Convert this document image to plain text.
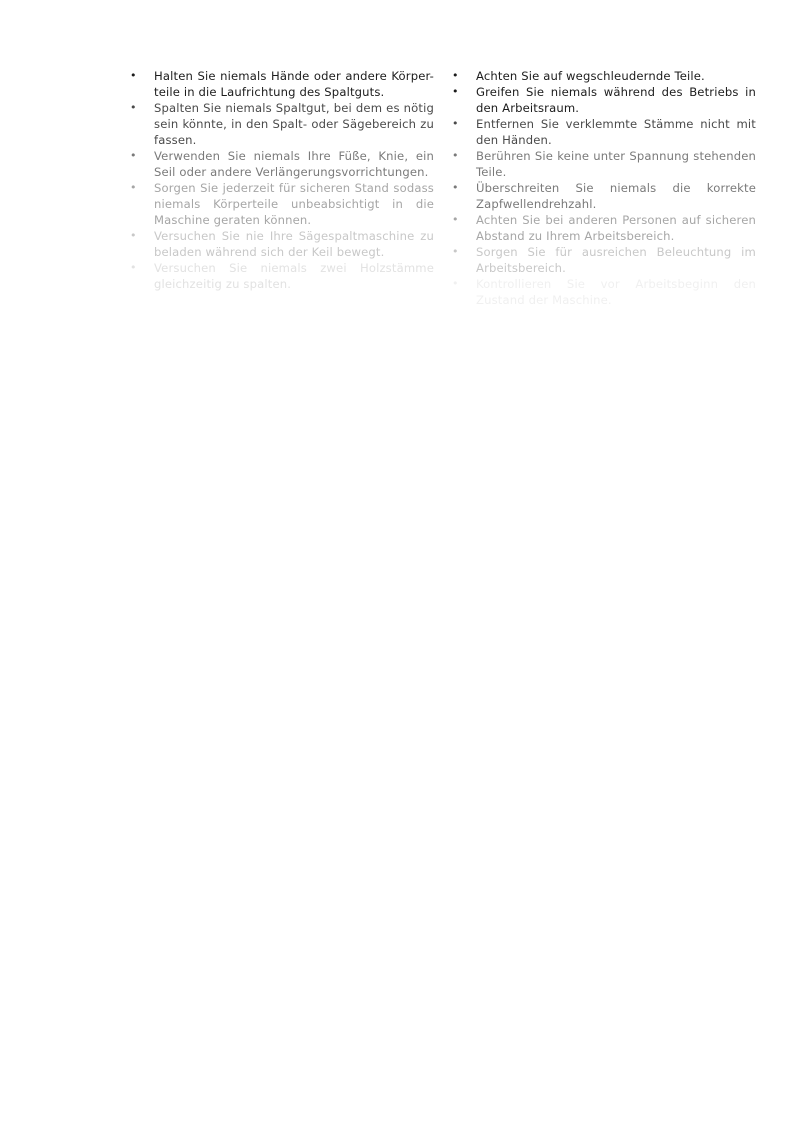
• Halten Sie niemals Hände oder andere Körper-teile in die Laufrichtung des Spaltguts.
• Spalten Sie niemals Spaltgut, bei dem es nötig sein könnte, in den Spalt- oder Sägebereich zu fassen.
• Verwenden Sie niemals Ihre Füße, Knie, ein Seil oder andere Verlängerungsvorrichtungen.
• Sorgen Sie jederzeit für sicheren Stand sodass niemals Körperteile unbeabsichtigt in die Maschine geraten können.
• Versuchen Sie nie Ihre Sägespaltmaschine zu beladen während sich der Keil bewegt.
• Versuchen Sie niemals zwei Holzstämme gleichzeitig zu spalten.
• Achten Sie auf wegschleudernde Teile.
• Greifen Sie niemals während des Betriebs in den Arbeitsraum.
• Entfernen Sie verklemmte Stämme nicht mit den Händen.
• Berühren Sie keine unter Spannung stehenden Teile.
• Überschreiten Sie niemals die korrekte Zapfwellendrehzahl.
• Achten Sie bei anderen Personen auf sicheren Abstand zu Ihrem Arbeitsbereich.
• Sorgen Sie für ausreichen Beleuchtung im Arbeitsbereich.
• Kontrollieren Sie vor Arbeitsbeginn den Zustand der Maschine.
